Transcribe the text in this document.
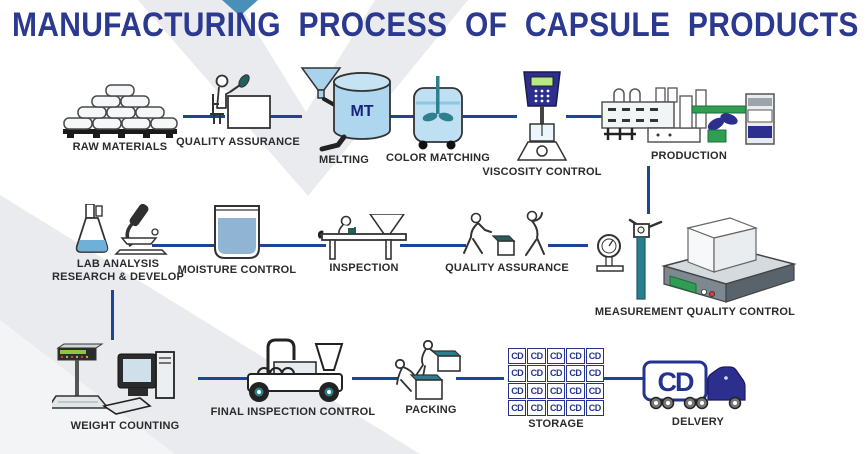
MANUFACTURING PROCESS OF CAPSULE PRODUCTS
RAW MATERIALS QUALITY ASSURANCE
MT
MELTING COLOR MATCHING
VISCOSITY CONTROL
PRODUCTION
LAB ANALYSIS
RESEARCH & DEVELOP
MOISTURE CONTROL	INSPECTION	QUALITY ASSURANCE
MEASUREMENT QUALITY CONTROL
WEIGHT COUNTING
FINAL INSPECTION CONTROL	PACKING
CD CD CD CD CD
CD CD CD CD CD
CD CD CD CD CD
CD CD CD CD CD
STORAGE
CD
DELVERY
